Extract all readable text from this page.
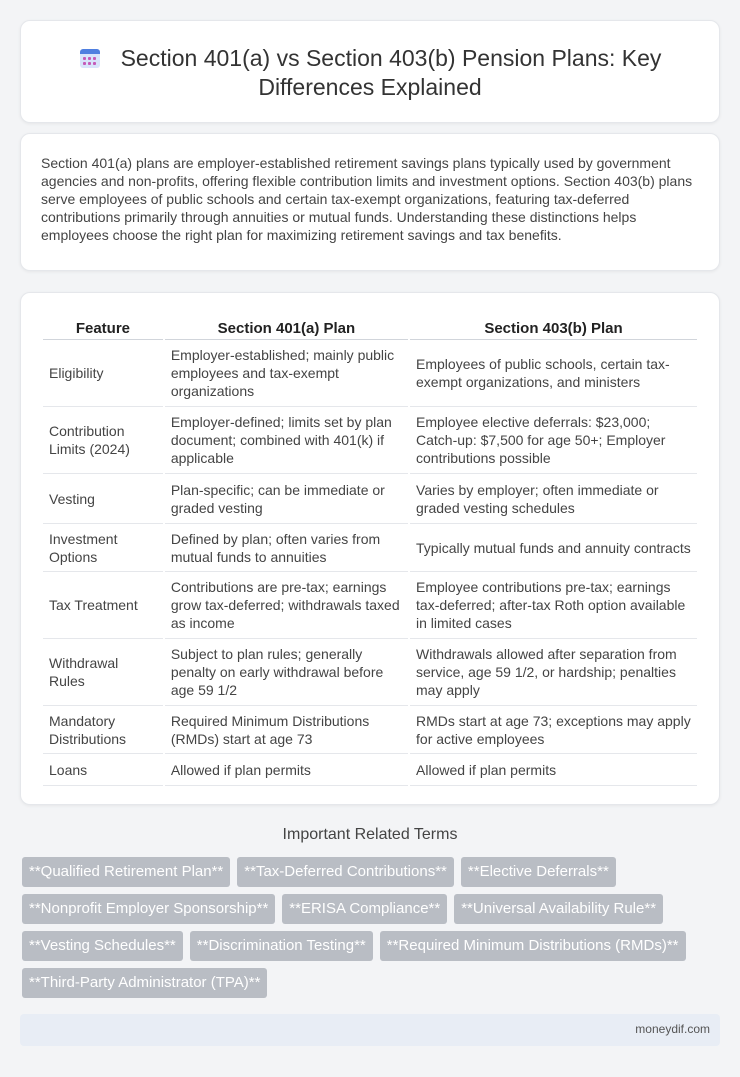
Section 401(a) vs Section 403(b) Pension Plans: Key Differences Explained

Section 401(a) plans are employer-established retirement savings plans typically used by government agencies and non-profits, offering flexible contribution limits and investment options. Section 403(b) plans serve employees of public schools and certain tax-exempt organizations, featuring tax-deferred contributions primarily through annuities or mutual funds. Understanding these distinctions helps employees choose the right plan for maximizing retirement savings and tax benefits.

Feature	Section 401(a) Plan	Section 403(b) Plan
Eligibility	Employer-established; mainly public employees and tax-exempt organizations	Employees of public schools, certain tax-exempt organizations, and ministers
Contribution Limits (2024)	Employer-defined; limits set by plan document; combined with 401(k) if applicable	Employee elective deferrals: $23,000; Catch-up: $7,500 for age 50+; Employer contributions possible
Vesting	Plan-specific; can be immediate or graded vesting	Varies by employer; often immediate or graded vesting schedules
Investment Options	Defined by plan; often varies from mutual funds to annuities	Typically mutual funds and annuity contracts
Tax Treatment	Contributions are pre-tax; earnings grow tax-deferred; withdrawals taxed as income	Employee contributions pre-tax; earnings tax-deferred; after-tax Roth option available in limited cases
Withdrawal Rules	Subject to plan rules; generally penalty on early withdrawal before age 59 1/2	Withdrawals allowed after separation from service, age 59 1/2, or hardship; penalties may apply
Mandatory Distributions	Required Minimum Distributions (RMDs) start at age 73	RMDs start at age 73; exceptions may apply for active employees
Loans	Allowed if plan permits	Allowed if plan permits
Important Related Terms
**Qualified Retirement Plan**	**Tax-Deferred Contributions**	**Elective Deferrals**
**Nonprofit Employer Sponsorship**	**ERISA Compliance**	**Universal Availability Rule**
**Vesting Schedules**	**Discrimination Testing**	**Required Minimum Distributions (RMDs)**
**Third-Party Administrator (TPA)**
moneydif.com
